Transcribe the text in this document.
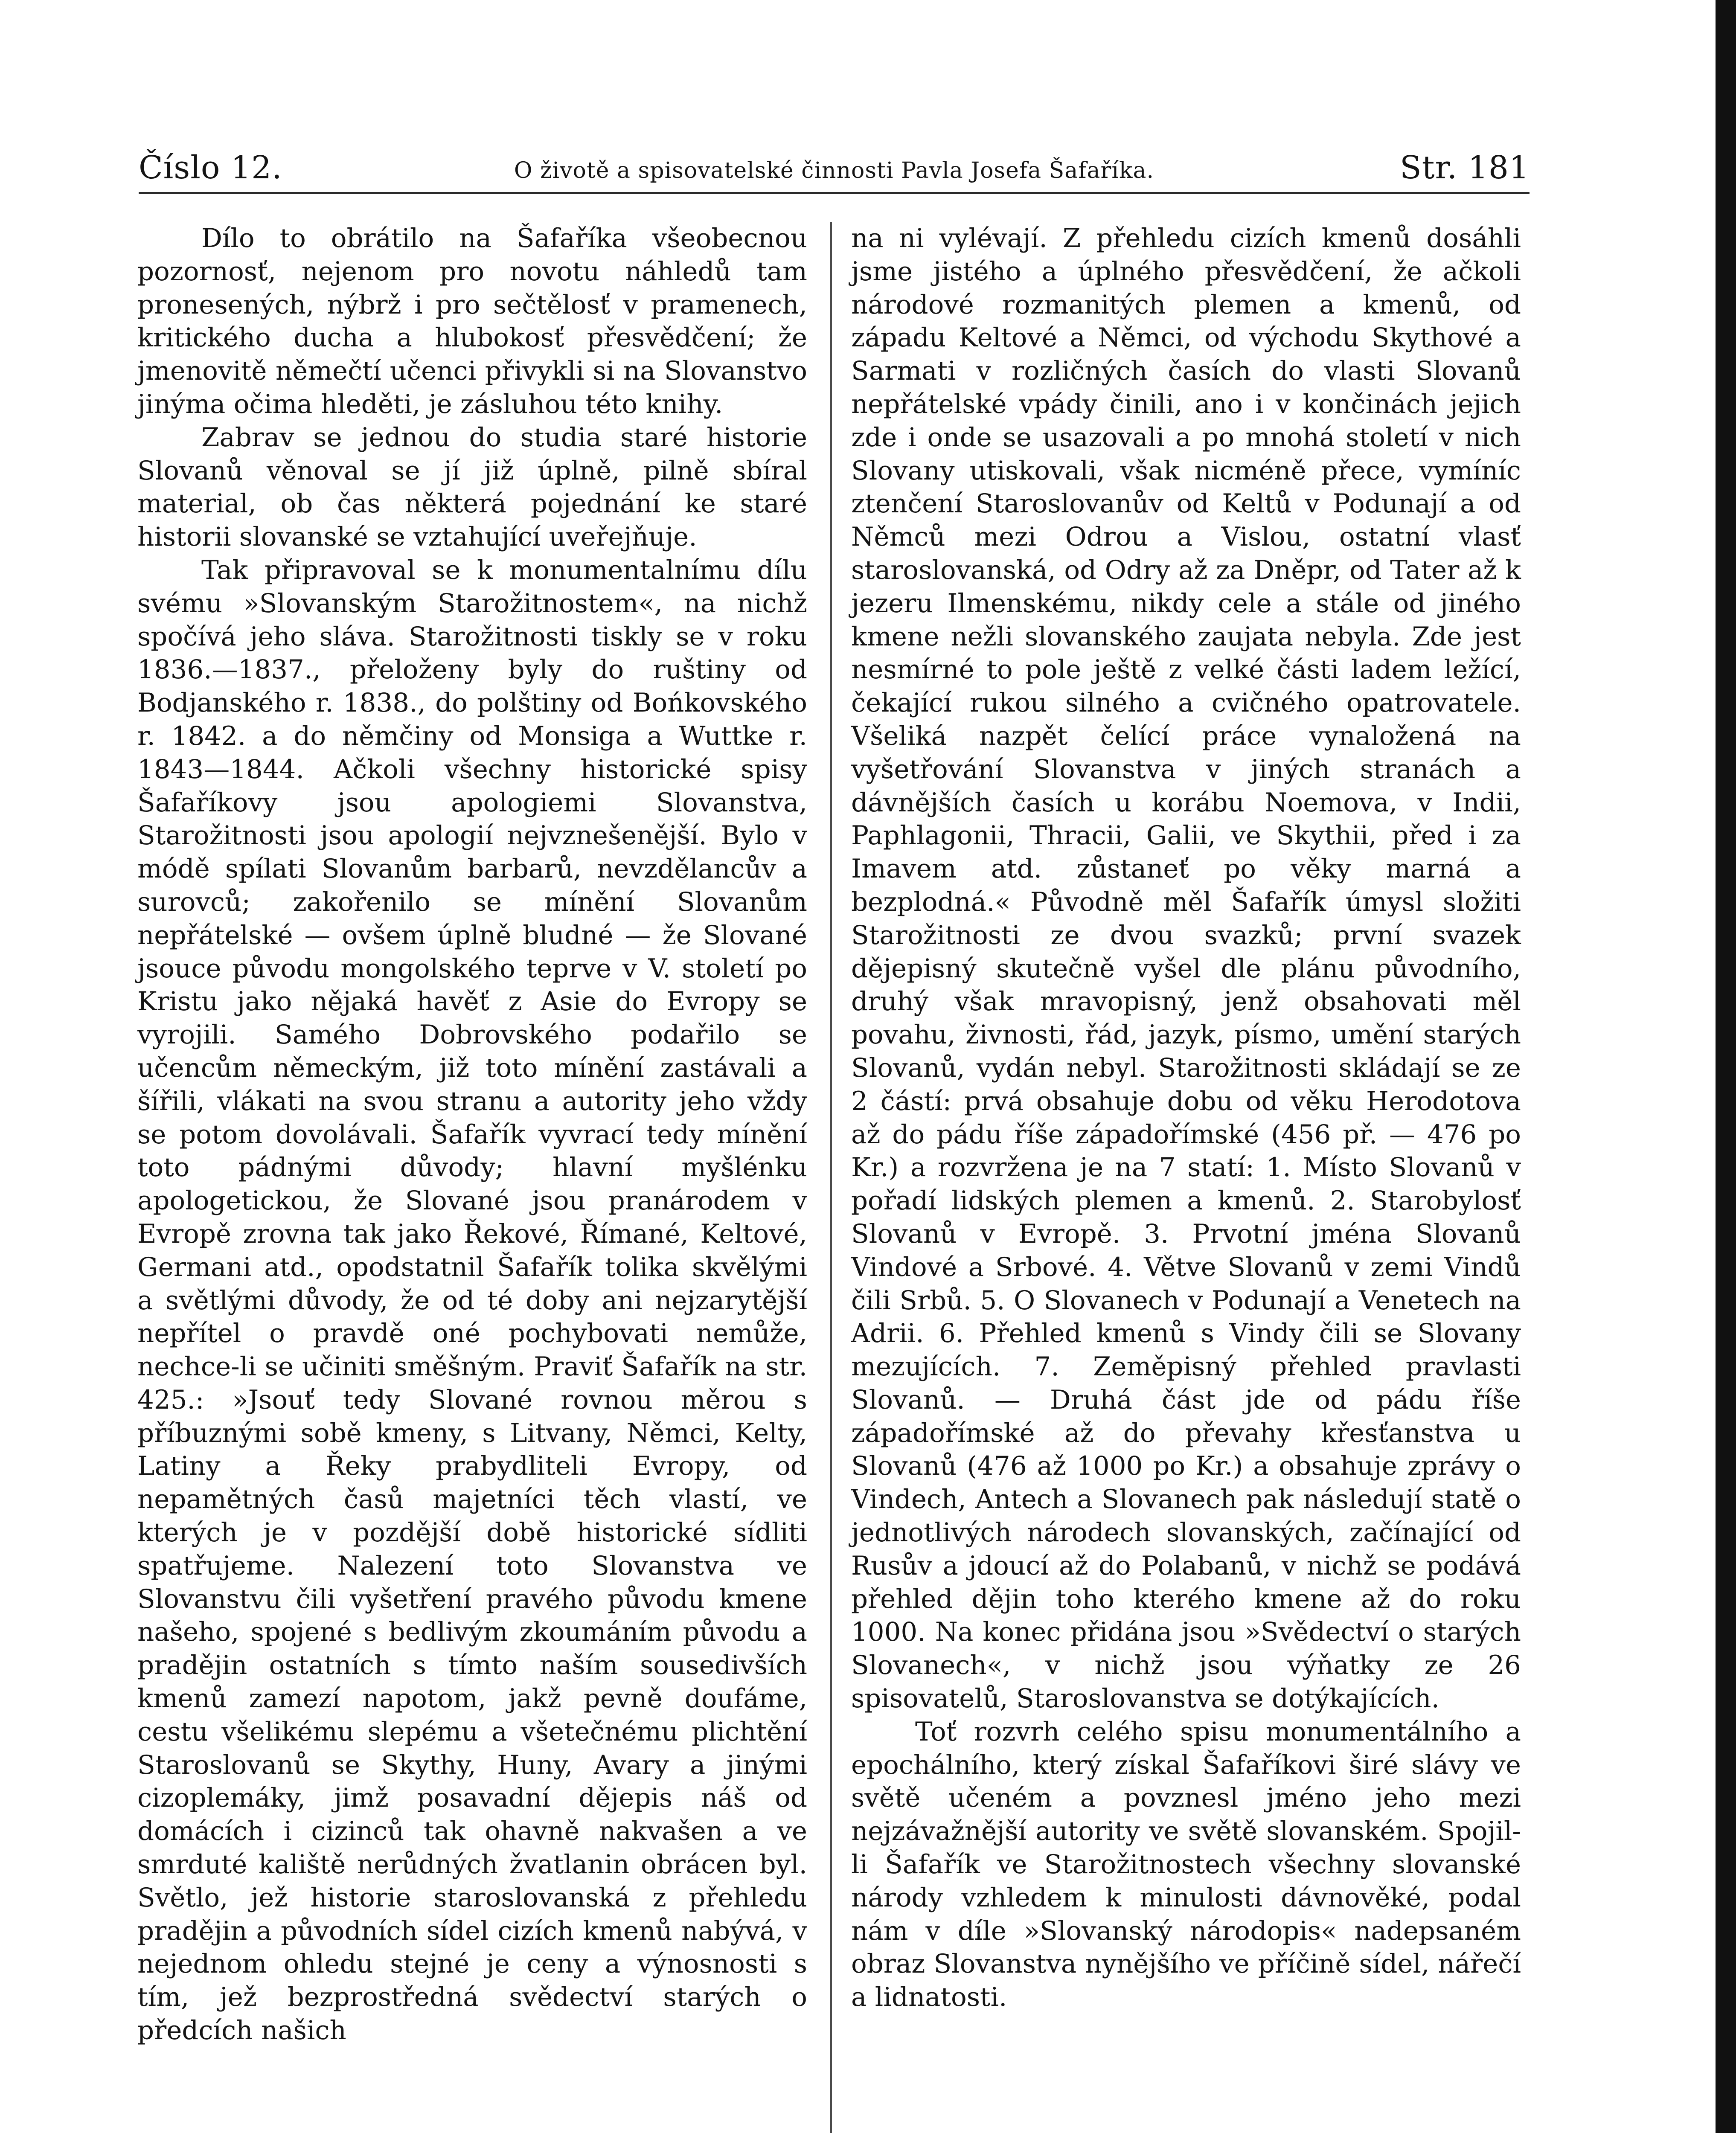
Číslo 12.	O životě a spisovatelské činnosti Pavla Josefa Šafaříka.	Str. 181

Dílo to obrátilo na Šafaříka všeobecnou pozornosť, nejenom pro novotu náhledů tam pronesených, nýbrž i pro sečtělosť v pramenech, kritického ducha a hlubokosť přesvědčení; že jmenovitě němečtí učenci přivykli si na Slovanstvo jinýma očima hleděti, je zásluhou této knihy.

Zabrav se jednou do studia staré historie Slovanů věnoval se jí již úplně, pilně sbíral material, ob čas některá pojednání ke staré historii slovanské se vztahující uveřejňuje.

Tak připravoval se k monumentalnímu dílu svému »Slovanským Starožitnostem«, na nichž spočívá jeho sláva. Starožitnosti tiskly se v roku 1836.—1837., přeloženy byly do ruštiny od Bodjanského r. 1838., do polštiny od Bońkovského r. 1842. a do němčiny od Monsiga a Wuttke r. 1843—1844. Ačkoli všechny historické spisy Šafaříkovy jsou apologiemi Slovanstva, Starožitnosti jsou apologií nejvznešenější. Bylo v módě spílati Slovanům barbarů, nevzdělancův a surovců; zakořenilo se mínění Slovanům nepřátelské — ovšem úplně bludné — že Slované jsouce původu mongolského teprve v V. století po Kristu jako nějaká havěť z Asie do Evropy se vyrojili. Samého Dobrovského podařilo se učencům německým, již toto mínění zastávali a šířili, vlákati na svou stranu a autority jeho vždy se potom dovolávali. Šafařík vyvrací tedy mínění toto pádnými důvody; hlavní myšlénku apologetickou, že Slované jsou pranárodem v Evropě zrovna tak jako Řekové, Římané, Keltové, Germani atd., opodstatnil Šafařík tolika skvělými a světlými důvody, že od té doby ani nejzarytější nepřítel o pravdě oné pochybovati nemůže, nechce-li se učiniti směšným. Praviť Šafařík na str. 425.: »Jsouť tedy Slované rovnou měrou s příbuznými sobě kmeny, s Litvany, Němci, Kelty, Latiny a Řeky prabydliteli Evropy, od nepamětných časů majetníci těch vlastí, ve kterých je v pozdější době historické sídliti spatřujeme. Nalezení toto Slovanstva ve Slovanstvu čili vyšetření pravého původu kmene našeho, spojené s bedlivým zkoumáním původu a pradějin ostatních s tímto naším sousedivších kmenů zamezí napotom, jakž pevně doufáme, cestu všelikému slepému a všetečnému plichtění Staroslovanů se Skythy, Huny, Avary a jinými cizoplemáky, jimž posavadní dějepis náš od domácích i cizinců tak ohavně nakvašen a ve smrduté kaliště nerůdných žvatlanin obrácen byl. Světlo, jež historie staroslovanská z přehledu pradějin a původních sídel cizích kmenů nabývá, v nejednom ohledu stejné je ceny a výnosnosti s tím, jež bezprostředná svědectví starých o předcích našich

na ni vylévají. Z přehledu cizích kmenů dosáhli jsme jistého a úplného přesvědčení, že ačkoli národové rozmanitých plemen a kmenů, od západu Keltové a Němci, od východu Skythové a Sarmati v rozličných časích do vlasti Slovanů nepřátelské vpády činili, ano i v končinách jejich zde i onde se usazovali a po mnohá století v nich Slovany utiskovali, však nicméně přece, vymíníc ztenčení Staroslovanův od Keltů v Podunají a od Němců mezi Odrou a Vislou, ostatní vlasť staroslovanská, od Odry až za Dněpr, od Tater až k jezeru Ilmenskému, nikdy cele a stále od jiného kmene nežli slovanského zaujata nebyla. Zde jest nesmírné to pole ještě z velké části ladem ležící, čekající rukou silného a cvičného opatrovatele. Všeliká nazpět čelící práce vynaložená na vyšetřování Slovanstva v jiných stranách a dávnějších časích u korábu Noemova, v Indii, Paphlagonii, Thracii, Galii, ve Skythii, před i za Imavem atd. zůstaneť po věky marná a bezplodná.« Původně měl Šafařík úmysl složiti Starožitnosti ze dvou svazků; první svazek dějepisný skutečně vyšel dle plánu původního, druhý však mravopisný, jenž obsahovati měl povahu, živnosti, řád, jazyk, písmo, umění starých Slovanů, vydán nebyl. Starožitnosti skládají se ze 2 částí: prvá obsahuje dobu od věku Herodotova až do pádu říše západořímské (456 př. — 476 po Kr.) a rozvržena je na 7 statí: 1. Místo Slovanů v pořadí lidských plemen a kmenů. 2. Starobylosť Slovanů v Evropě. 3. Prvotní jména Slovanů Vindové a Srbové. 4. Větve Slovanů v zemi Vindů čili Srbů. 5. O Slovanech v Podunají a Venetech na Adrii. 6. Přehled kmenů s Vindy čili se Slovany mezujících. 7. Zeměpisný přehled pravlasti Slovanů. — Druhá část jde od pádu říše západořímské až do převahy křesťanstva u Slovanů (476 až 1000 po Kr.) a obsahuje zprávy o Vindech, Antech a Slovanech pak následují statě o jednotlivých národech slovanských, začínající od Rusův a jdoucí až do Polabanů, v nichž se podává přehled dějin toho kterého kmene až do roku 1000. Na konec přidána jsou »Svědectví o starých Slovanech«, v nichž jsou výňatky ze 26 spisovatelů, Staroslovanstva se dotýkajících.

Toť rozvrh celého spisu monumentálního a epochálního, který získal Šafaříkovi širé slávy ve světě učeném a povznesl jméno jeho mezi nejzávažnější autority ve světě slovanském. Spojil-li Šafařík ve Starožitnostech všechny slovanské národy vzhledem k minulosti dávnověké, podal nám v díle »Slovanský národopis« nadepsaném obraz Slovanstva nynějšího ve příčině sídel, nářečí a lidnatosti.
